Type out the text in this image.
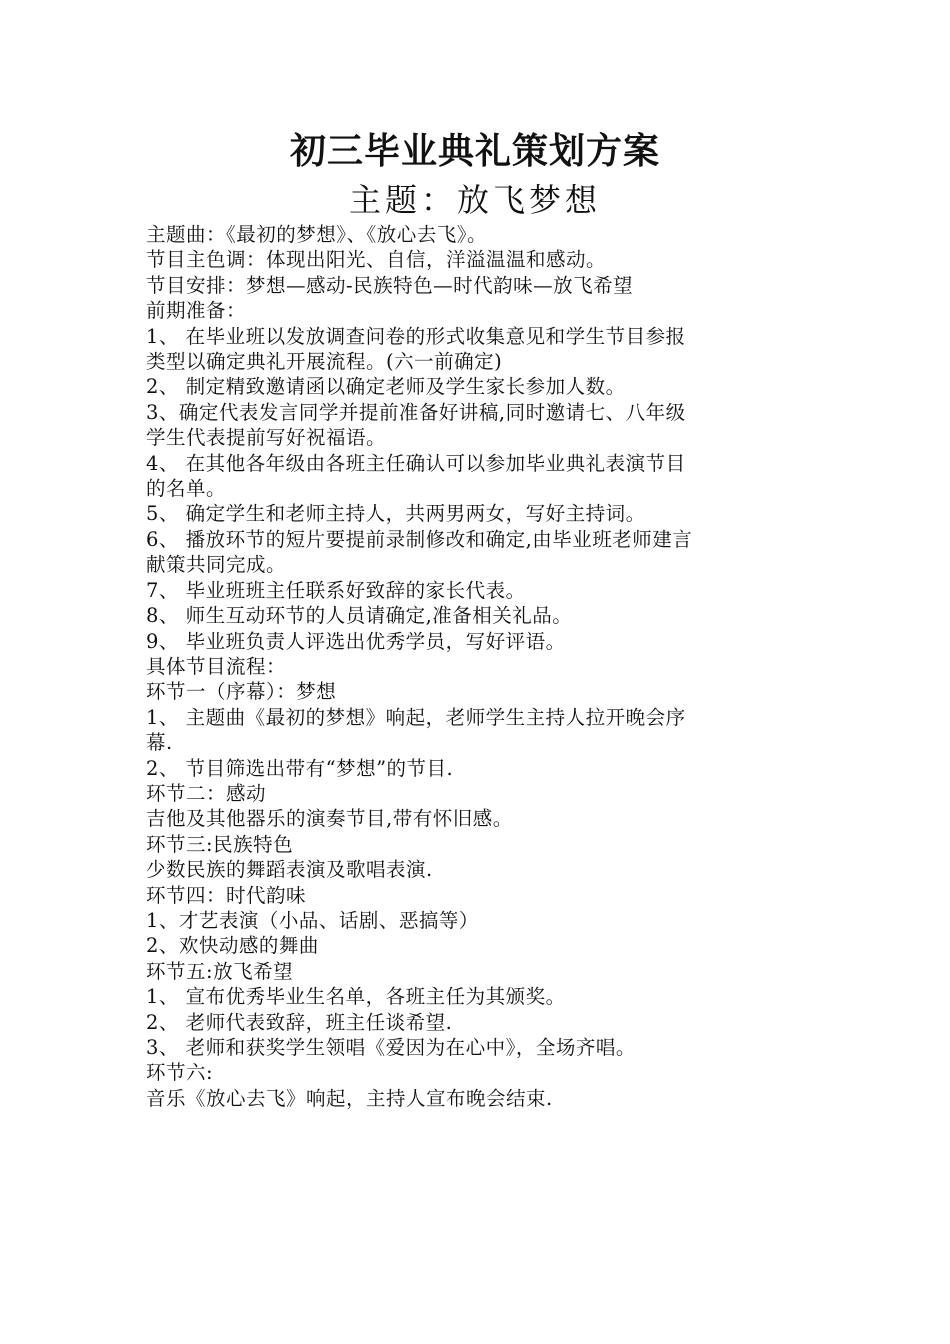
初三毕业典礼策划方案
主题：放飞梦想
主题曲：《最初的梦想》、《放心去飞》。
节目主色调：体现出阳光、自信，洋溢温温和感动。
节目安排：梦想—感动-民族特色—时代韵味—放飞希望
前期准备：
1、 在毕业班以发放调查问卷的形式收集意见和学生节目参报
类型以确定典礼开展流程。(六一前确定)
2、 制定精致邀请函以确定老师及学生家长参加人数。
3、确定代表发言同学并提前准备好讲稿,同时邀请七、八年级
学生代表提前写好祝福语。
4、 在其他各年级由各班主任确认可以参加毕业典礼表演节目
的名单。
5、 确定学生和老师主持人，共两男两女，写好主持词。
6、 播放环节的短片要提前录制修改和确定,由毕业班老师建言
献策共同完成。
7、 毕业班班主任联系好致辞的家长代表。
8、 师生互动环节的人员请确定,准备相关礼品。
9、 毕业班负责人评选出优秀学员，写好评语。
具体节目流程：
环节一（序幕）：梦想
1、 主题曲《最初的梦想》响起，老师学生主持人拉开晚会序
幕.
2、 节目筛选出带有“梦想”的节目.
环节二：感动
吉他及其他器乐的演奏节目,带有怀旧感。
环节三:民族特色
少数民族的舞蹈表演及歌唱表演.
环节四：时代韵味
1、才艺表演（小品、话剧、恶搞等）
2、欢快动感的舞曲
环节五:放飞希望
1、 宣布优秀毕业生名单，各班主任为其颁奖。
2、 老师代表致辞，班主任谈希望.
3、 老师和获奖学生领唱《爱因为在心中》，全场齐唱。
环节六:
音乐《放心去飞》响起，主持人宣布晚会结束.
